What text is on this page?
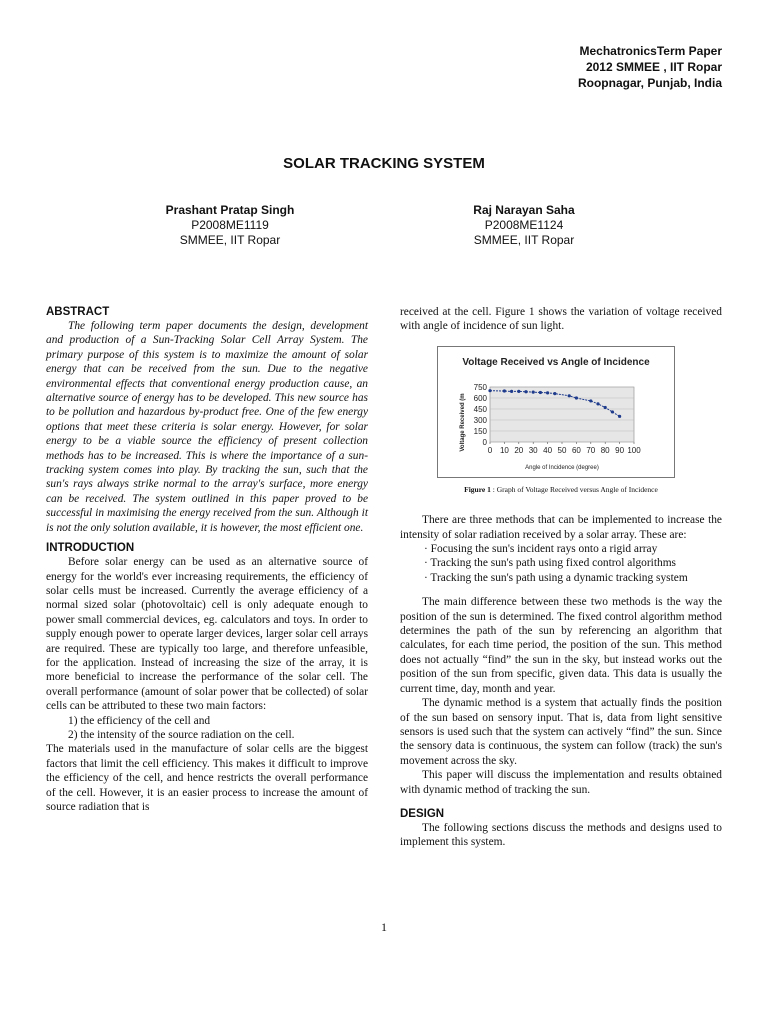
MechatronicsTerm Paper
2012 SMMEE , IIT Ropar
Roopnagar, Punjab, India
SOLAR TRACKING SYSTEM
Prashant Pratap Singh
P2008ME1119
SMMEE, IIT Ropar
Raj Narayan Saha
P2008ME1124
SMMEE, IIT Ropar
ABSTRACT

The following term paper documents the design, development and production of a Sun-Tracking Solar Cell Array System. The primary purpose of this system is to maximize the amount of solar energy that can be received from the sun. Due to the negative environmental effects that conventional energy production cause, an alternative source of energy has to be developed. This new source has to be pollution and hazardous by-product free. One of the few energy options that meet these criteria is solar energy. However, for solar energy to be a viable source the efficiency of present collection methods has to be increased. This is where the importance of a sun-tracking system comes into play. By tracking the sun, such that the sun's rays always strike normal to the array's surface, more energy can be received. The system outlined in this paper proved to be successful in maximising the energy received from the sun. Although it is not the only solution available, it is however, the most efficient one.

INTRODUCTION

Before solar energy can be used as an alternative source of energy for the world's ever increasing requirements, the efficiency of solar cells must be increased. Currently the average efficiency of a normal sized solar (photovoltaic) cell is only adequate enough to power small commercial devices, eg. calculators and toys. In order to supply enough power to operate larger devices, larger solar cell arrays are required. These are typically too large, and therefore unfeasible, for the application. Instead of increasing the size of the array, it is more beneficial to increase the performance of the solar cell. The overall performance (amount of solar power that be collected) of solar cells can be attributed to these two main factors:

1) the efficiency of the cell and

2) the intensity of the source radiation on the cell.

The materials used in the manufacture of solar cells are the biggest factors that limit the cell efficiency. This makes it difficult to improve the efficiency of the cell, and hence restricts the overall performance of the cell. However, it is an easier process to increase the amount of source radiation that is

received at the cell. Figure 1 shows the variation of voltage received with angle of incidence of sun light.

Voltage Received vs Angle of Incidence
0
150
300
450
600
750
0 10 20 30 40 50 60 70 80 90 100
Angle of Incidence (degree)
Voltage Received (m
Figure 1 : Graph of Voltage Received versus Angle of Incidence

There are three methods that can be implemented to increase the intensity of solar radiation received by a solar array. These are:

· Focusing the sun's incident rays onto a rigid array

· Tracking the sun's path using fixed control algorithms

· Tracking the sun's path using a dynamic tracking system

The main difference between these two methods is the way the position of the sun is determined. The fixed control algorithm method determines the path of the sun by referencing an algorithm that calculates, for each time period, the position of the sun. This method does not actually “find” the sun in the sky, but instead works out the position of the sun from specific, given data. This data is usually the current time, day, month and year.

The dynamic method is a system that actually finds the position of the sun based on sensory input. That is, data from light sensitive sensors is used such that the system can actively “find” the sun. Since the sensory data is continuous, the system can follow (track) the sun's movement across the sky.

This paper will discuss the implementation and results obtained with dynamic method of tracking the sun.

DESIGN

The following sections discuss the methods and designs used to implement this system.

1
